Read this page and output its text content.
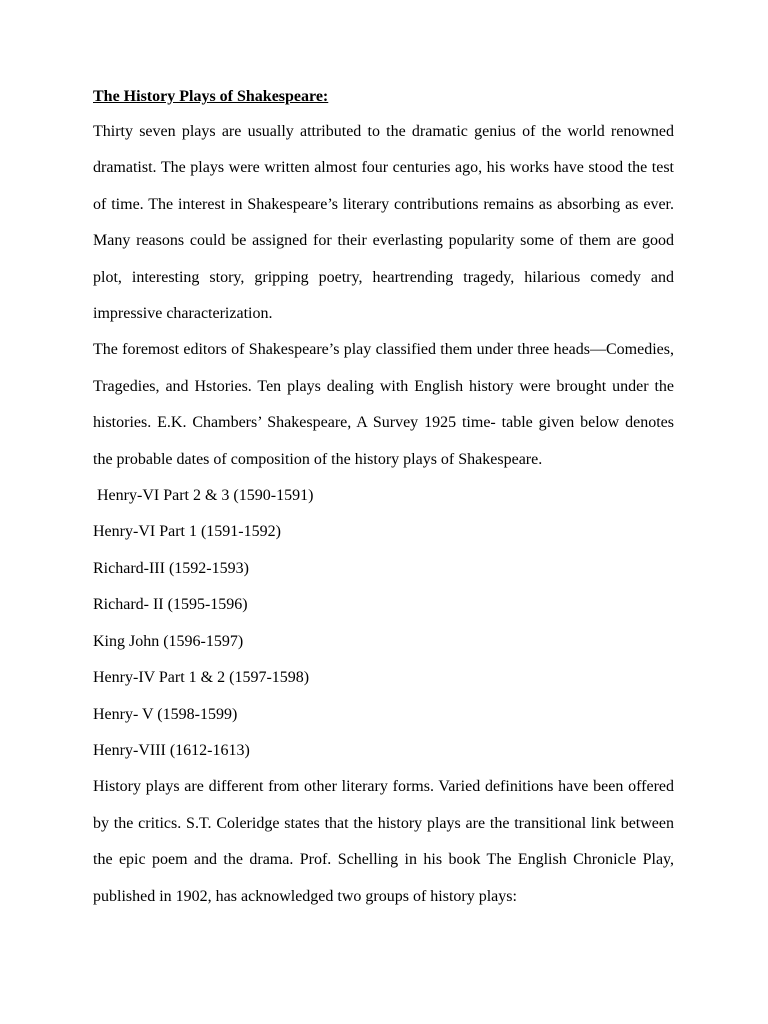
The History Plays of Shakespeare:

Thirty seven plays are usually attributed to the dramatic genius of the world renowned dramatist. The plays were written almost four centuries ago, his works have stood the test of time. The interest in Shakespeare’s literary contributions remains as absorbing as ever. Many reasons could be assigned for their everlasting popularity some of them are good plot, interesting story, gripping poetry, heartrending tragedy, hilarious comedy and impressive characterization.

The foremost editors of Shakespeare’s play classified them under three heads—Comedies, Tragedies, and Hstories. Ten plays dealing with English history were brought under the histories. E.K. Chambers’ Shakespeare, A Survey 1925 time- table given below denotes the probable dates of composition of the history plays of Shakespeare.

Henry-VI Part 2 & 3 (1590-1591)
Henry-VI Part 1 (1591-1592)
Richard-III (1592-1593)
Richard- II (1595-1596)
King John (1596-1597)
Henry-IV Part 1 & 2 (1597-1598)
Henry- V (1598-1599)
Henry-VIII (1612-1613)

History plays are different from other literary forms. Varied definitions have been offered by the critics. S.T. Coleridge states that the history plays are the transitional link between the epic poem and the drama. Prof. Schelling in his book The English Chronicle Play, published in 1902, has acknowledged two groups of history plays:
